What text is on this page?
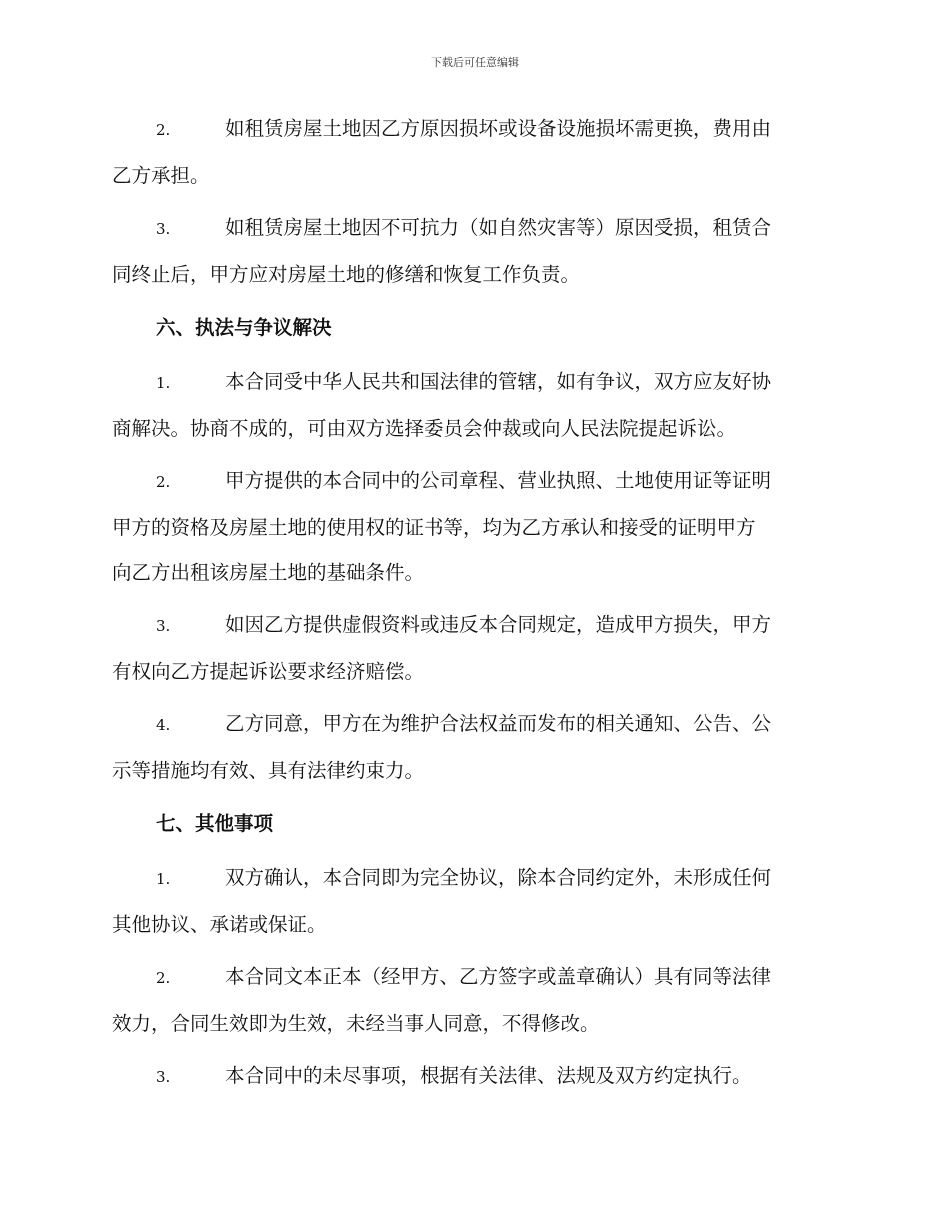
下载后可任意编辑
2.	如租赁房屋土地因乙方原因损坏或设备设施损坏需更换，费用由
乙方承担。
3.	如租赁房屋土地因不可抗力（如自然灾害等）原因受损，租赁合
同终止后，甲方应对房屋土地的修缮和恢复工作负责。
六、执法与争议解决
1.	本合同受中华人民共和国法律的管辖，如有争议，双方应友好协
商解决。协商不成的，可由双方选择委员会仲裁或向人民法院提起诉讼。
2.	甲方提供的本合同中的公司章程、营业执照、土地使用证等证明
甲方的资格及房屋土地的使用权的证书等，均为乙方承认和接受的证明甲方
向乙方出租该房屋土地的基础条件。
3.	如因乙方提供虚假资料或违反本合同规定，造成甲方损失，甲方
有权向乙方提起诉讼要求经济赔偿。
4.	乙方同意，甲方在为维护合法权益而发布的相关通知、公告、公
示等措施均有效、具有法律约束力。
七、其他事项
1.	双方确认，本合同即为完全协议，除本合同约定外，未形成任何
其他协议、承诺或保证。
2.	本合同文本正本（经甲方、乙方签字或盖章确认）具有同等法律
效力，合同生效即为生效，未经当事人同意，不得修改。
3.	本合同中的未尽事项，根据有关法律、法规及双方约定执行。
